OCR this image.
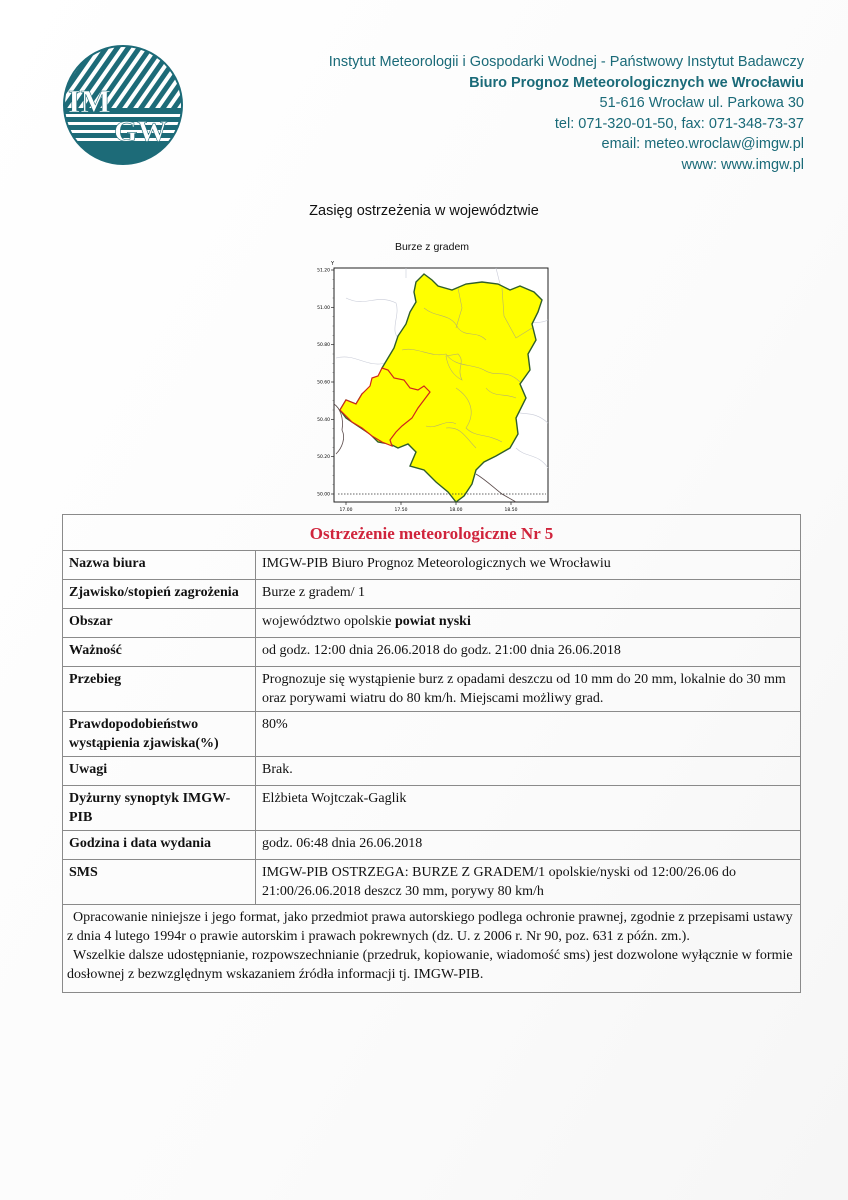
IM
GW
Instytut Meteorologii i Gospodarki Wodnej - Państwowy Instytut Badawczy
Biuro Prognoz Meteorologicznych we Wrocławiu
51-616 Wrocław ul. Parkowa 30
tel: 071-320-01-50, fax: 071-348-73-37
email: meteo.wroclaw@imgw.pl
www: www.imgw.pl
Zasięg ostrzeżenia w województwie
Burze z gradem
Y
51.20
51.00
50.80
50.60
50.40
50.20
50.00
17.00	17.50	18.00	18.50
Ostrzeżenie meteorologiczne Nr 5	
Nazwa biura	IMGW-PIB Biuro Prognoz Meteorologicznych we Wrocławiu
Zjawisko/stopień zagrożenia	Burze z gradem/ 1
Obszar	województwo opolskie powiat nyski
Ważność	od godz. 12:00 dnia 26.06.2018 do godz. 21:00 dnia 26.06.2018
Przebieg	Prognozuje się wystąpienie burz z opadami deszczu od 10 mm do 20 mm, lokalnie do 30 mm oraz porywami wiatru do 80 km/h. Miejscami możliwy grad.
Prawdopodobieństwo wystąpienia zjawiska(%)	80%
Uwagi	Brak.
Dyżurny synoptyk IMGW-PIB	Elżbieta Wojtczak-Gaglik
Godzina i data wydania	godz. 06:48 dnia 26.06.2018
SMS	IMGW-PIB OSTRZEGA: BURZE Z GRADEM/1 opolskie/nyski od 12:00/26.06 do 21:00/26.06.2018 deszcz 30 mm, porywy 80 km/h

Opracowanie niniejsze i jego format, jako przedmiot prawa autorskiego podlega ochronie prawnej, zgodnie z przepisami ustawy z dnia 4 lutego 1994r o prawie autorskim i prawach pokrewnych (dz. U. z 2006 r. Nr 90, poz. 631 z późn. zm.).
Wszelkie dalsze udostępnianie, rozpowszechnianie (przedruk, kopiowanie, wiadomość sms) jest dozwolone wyłącznie w formie dosłownej z bezwzględnym wskazaniem źródła informacji tj. IMGW-PIB.	
